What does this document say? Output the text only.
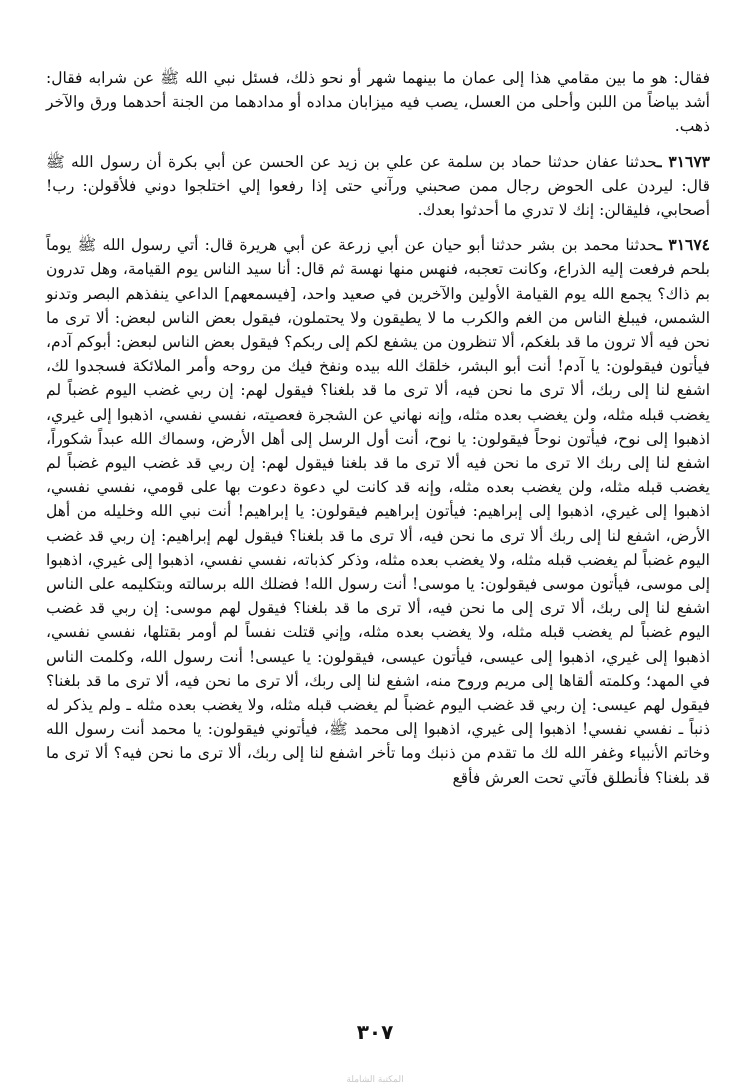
فقال: هو ما بين مقامي هذا إلى عمان ما بينهما شهر أو نحو ذلك، فسئل نبي الله ﷺ عن شرابه فقال: أشد بياضاً من اللبن وأحلى من العسل، يصب فيه ميزابان مداده أو مدادهما من الجنة أحدهما ورق والآخر ذهب.

٣١٦٧٣ ـحدثنا عفان حدثنا حماد بن سلمة عن علي بن زيد عن الحسن عن أبي بكرة أن رسول الله ﷺ قال: ليردن على الحوض رجال ممن صحبني ورآني حتى إذا رفعوا إلي اختلجوا دوني فلأقولن: رب! أصحابي، فليقالن: إنك لا تدري ما أحدثوا بعدك.

٣١٦٧٤ ـحدثنا محمد بن بشر حدثنا أبو حيان عن أبي زرعة عن أبي هريرة قال: أتي رسول الله ﷺ يوماً بلحم فرفعت إليه الذراع، وكانت تعجبه، فنهس منها نهسة ثم قال: أنا سيد الناس يوم القيامة، وهل تدرون بم ذاك؟ يجمع الله يوم القيامة الأولين والآخرين في صعيد واحد، [فيسمعهم] الداعي ينفذهم البصر وتدنو الشمس، فيبلغ الناس من الغم والكرب ما لا يطيقون ولا يحتملون، فيقول بعض الناس لبعض: ألا ترى ما نحن فيه ألا ترون ما قد بلغكم، ألا تنظرون من يشفع لكم إلى ربكم؟ فيقول بعض الناس لبعض: أبوكم آدم، فيأتون فيقولون: يا آدم! أنت أبو البشر، خلقك الله بيده ونفخ فيك من روحه وأمر الملائكة فسجدوا لك، اشفع لنا إلى ربك، ألا ترى ما نحن فيه، ألا ترى ما قد بلغنا؟ فيقول لهم: إن ربي غضب اليوم غضباً لم يغضب قبله مثله، ولن يغضب بعده مثله، وإنه نهاني عن الشجرة فعصيته، نفسي نفسي، اذهبوا إلى غيري، اذهبوا إلى نوح، فيأتون نوحاً فيقولون: يا نوح، أنت أول الرسل إلى أهل الأرض، وسماك الله عبداً شكوراً، اشفع لنا إلى ربك الا ترى ما نحن فيه ألا ترى ما قد بلغنا فيقول لهم: إن ربي قد غضب اليوم غضباً لم يغضب قبله مثله، ولن يغضب بعده مثله، وإنه قد كانت لي دعوة دعوت بها على قومي، نفسي نفسي، اذهبوا إلى غيري، اذهبوا إلى إبراهيم: فيأتون إبراهيم فيقولون: يا إبراهيم! أنت نبي الله وخليله من أهل الأرض، اشفع لنا إلى ربك ألا ترى ما نحن فيه، ألا ترى ما قد بلغنا؟ فيقول لهم إبراهيم: إن ربي قد غضب اليوم غضباً لم يغضب قبله مثله، ولا يغضب بعده مثله، وذكر كذباته، نفسي نفسي، اذهبوا إلى غيري، اذهبوا إلى موسى، فيأتون موسى فيقولون: يا موسى! أنت رسول الله! فضلك الله برسالته وبتكليمه على الناس اشفع لنا إلى ربك، ألا ترى إلى ما نحن فيه، ألا ترى ما قد بلغنا؟ فيقول لهم موسى: إن ربي قد غضب اليوم غضباً لم يغضب قبله مثله، ولا يغضب بعده مثله، وإني قتلت نفساً لم أومر بقتلها، نفسي نفسي، اذهبوا إلى غيري، اذهبوا إلى عيسى، فيأتون عيسى، فيقولون: يا عيسى! أنت رسول الله، وكلمت الناس في المهد؛ وكلمته ألقاها إلى مريم وروح منه، اشفع لنا إلى ربك، ألا ترى ما نحن فيه، ألا ترى ما قد بلغنا؟ فيقول لهم عيسى: إن ربي قد غضب اليوم غضباً لم يغضب قبله مثله، ولا يغضب بعده مثله ـ ولم يذكر له ذنباً ـ نفسي نفسي! اذهبوا إلى غيري، اذهبوا إلى محمد ﷺ، فيأتوني فيقولون: يا محمد أنت رسول الله وخاتم الأنبياء وغفر الله لك ما تقدم من ذنبك وما تأخر اشفع لنا إلى ربك، ألا ترى ما نحن فيه؟ ألا ترى ما قد بلغنا؟ فأنطلق فآتي تحت العرش فأقع

٣٠٧
المكتبة الشاملة
